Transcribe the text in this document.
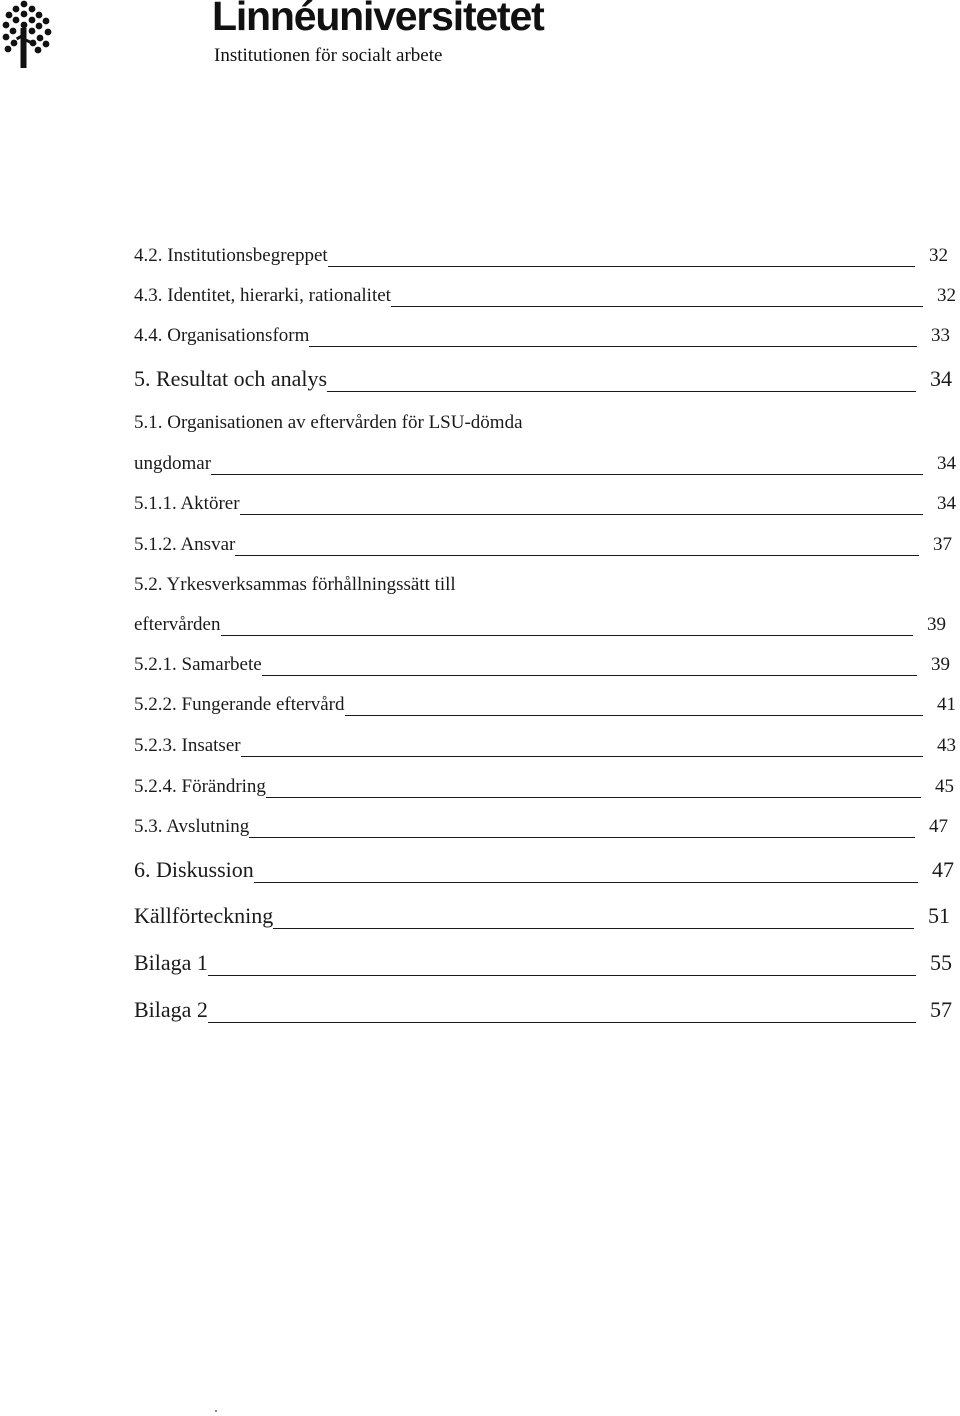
Linnéuniversitetet
Institutionen för socialt arbete
4.2. Institutionsbegreppet	32
4.3. Identitet, hierarki, rationalitet	32
4.4. Organisationsform	33
5. Resultat och analys	34
5.1. Organisationen av eftervården för LSU-dömda
ungdomar	34
5.1.1. Aktörer	34
5.1.2. Ansvar	37
5.2. Yrkesverksammas förhållningssätt till
eftervården	39
5.2.1. Samarbete	39
5.2.2. Fungerande eftervård	41
5.2.3. Insatser	43
5.2.4. Förändring	45
5.3. Avslutning	47
6. Diskussion	47
Källförteckning	51
Bilaga 1	55
Bilaga 2	57
